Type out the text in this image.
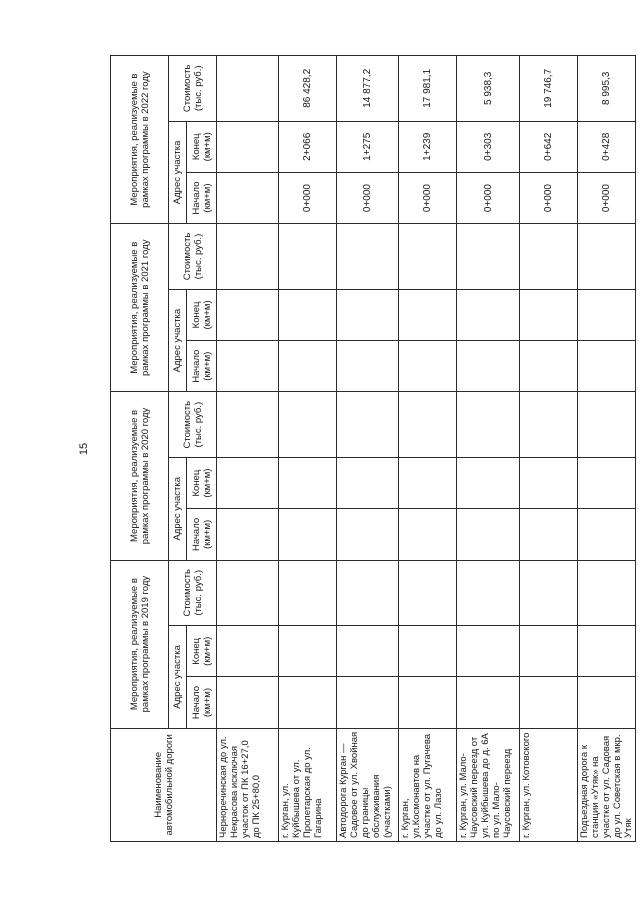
15
Наименование автомобильной дороги	Мероприятия, реализуемые в рамках программы в 2019 году			Мероприятия, реализуемые в рамках программы в 2020 году			Мероприятия, реализуемые в рамках программы в 2021 году			Мероприятия, реализуемые в рамках программы в 2022 году		
	Адрес участка		Стоимость (тыс. руб.)	Адрес участка		Стоимость (тыс. руб.)	Адрес участка		Стоимость (тыс. руб.)	Адрес участка		Стоимость (тыс. руб.)
	Начало (км+м)	Конец (км+м)		Начало (км+м)	Конец (км+м)		Начало (км+м)	Конец (км+м)		Начало (км+м)	Конец (км+м)	
Черноречинская до ул. Некрасова исключая участок от ПК 16+27,0 до ПК 25+80,0												
г. Курган, ул. Куйбышева от ул. Пролетарская до ул. Гагарина										0+000	2+066	86 428,2
Автодорога Курган — Садовое от ул. Хвойная до границы обслуживания (участками)										0+000	1+275	14 877,2
г. Курган, ул.Космонавтов на участке от ул. Пугачева до ул. Лазо										0+000	1+239	17 981,1
г. Курган, ул. Мало-Чаусовский переезд от ул. Куйбышева до д. 6А по ул. Мало-Чаусовский переезд										0+000	0+303	5 938,3
г. Курган, ул. Котовского										0+000	0+642	19 746,7
Подъездная дорога к станции «Утяк» на участке от ул. Садовая до ул. Советская в мкр. Утяк										0+000	0+428	8 995,3
